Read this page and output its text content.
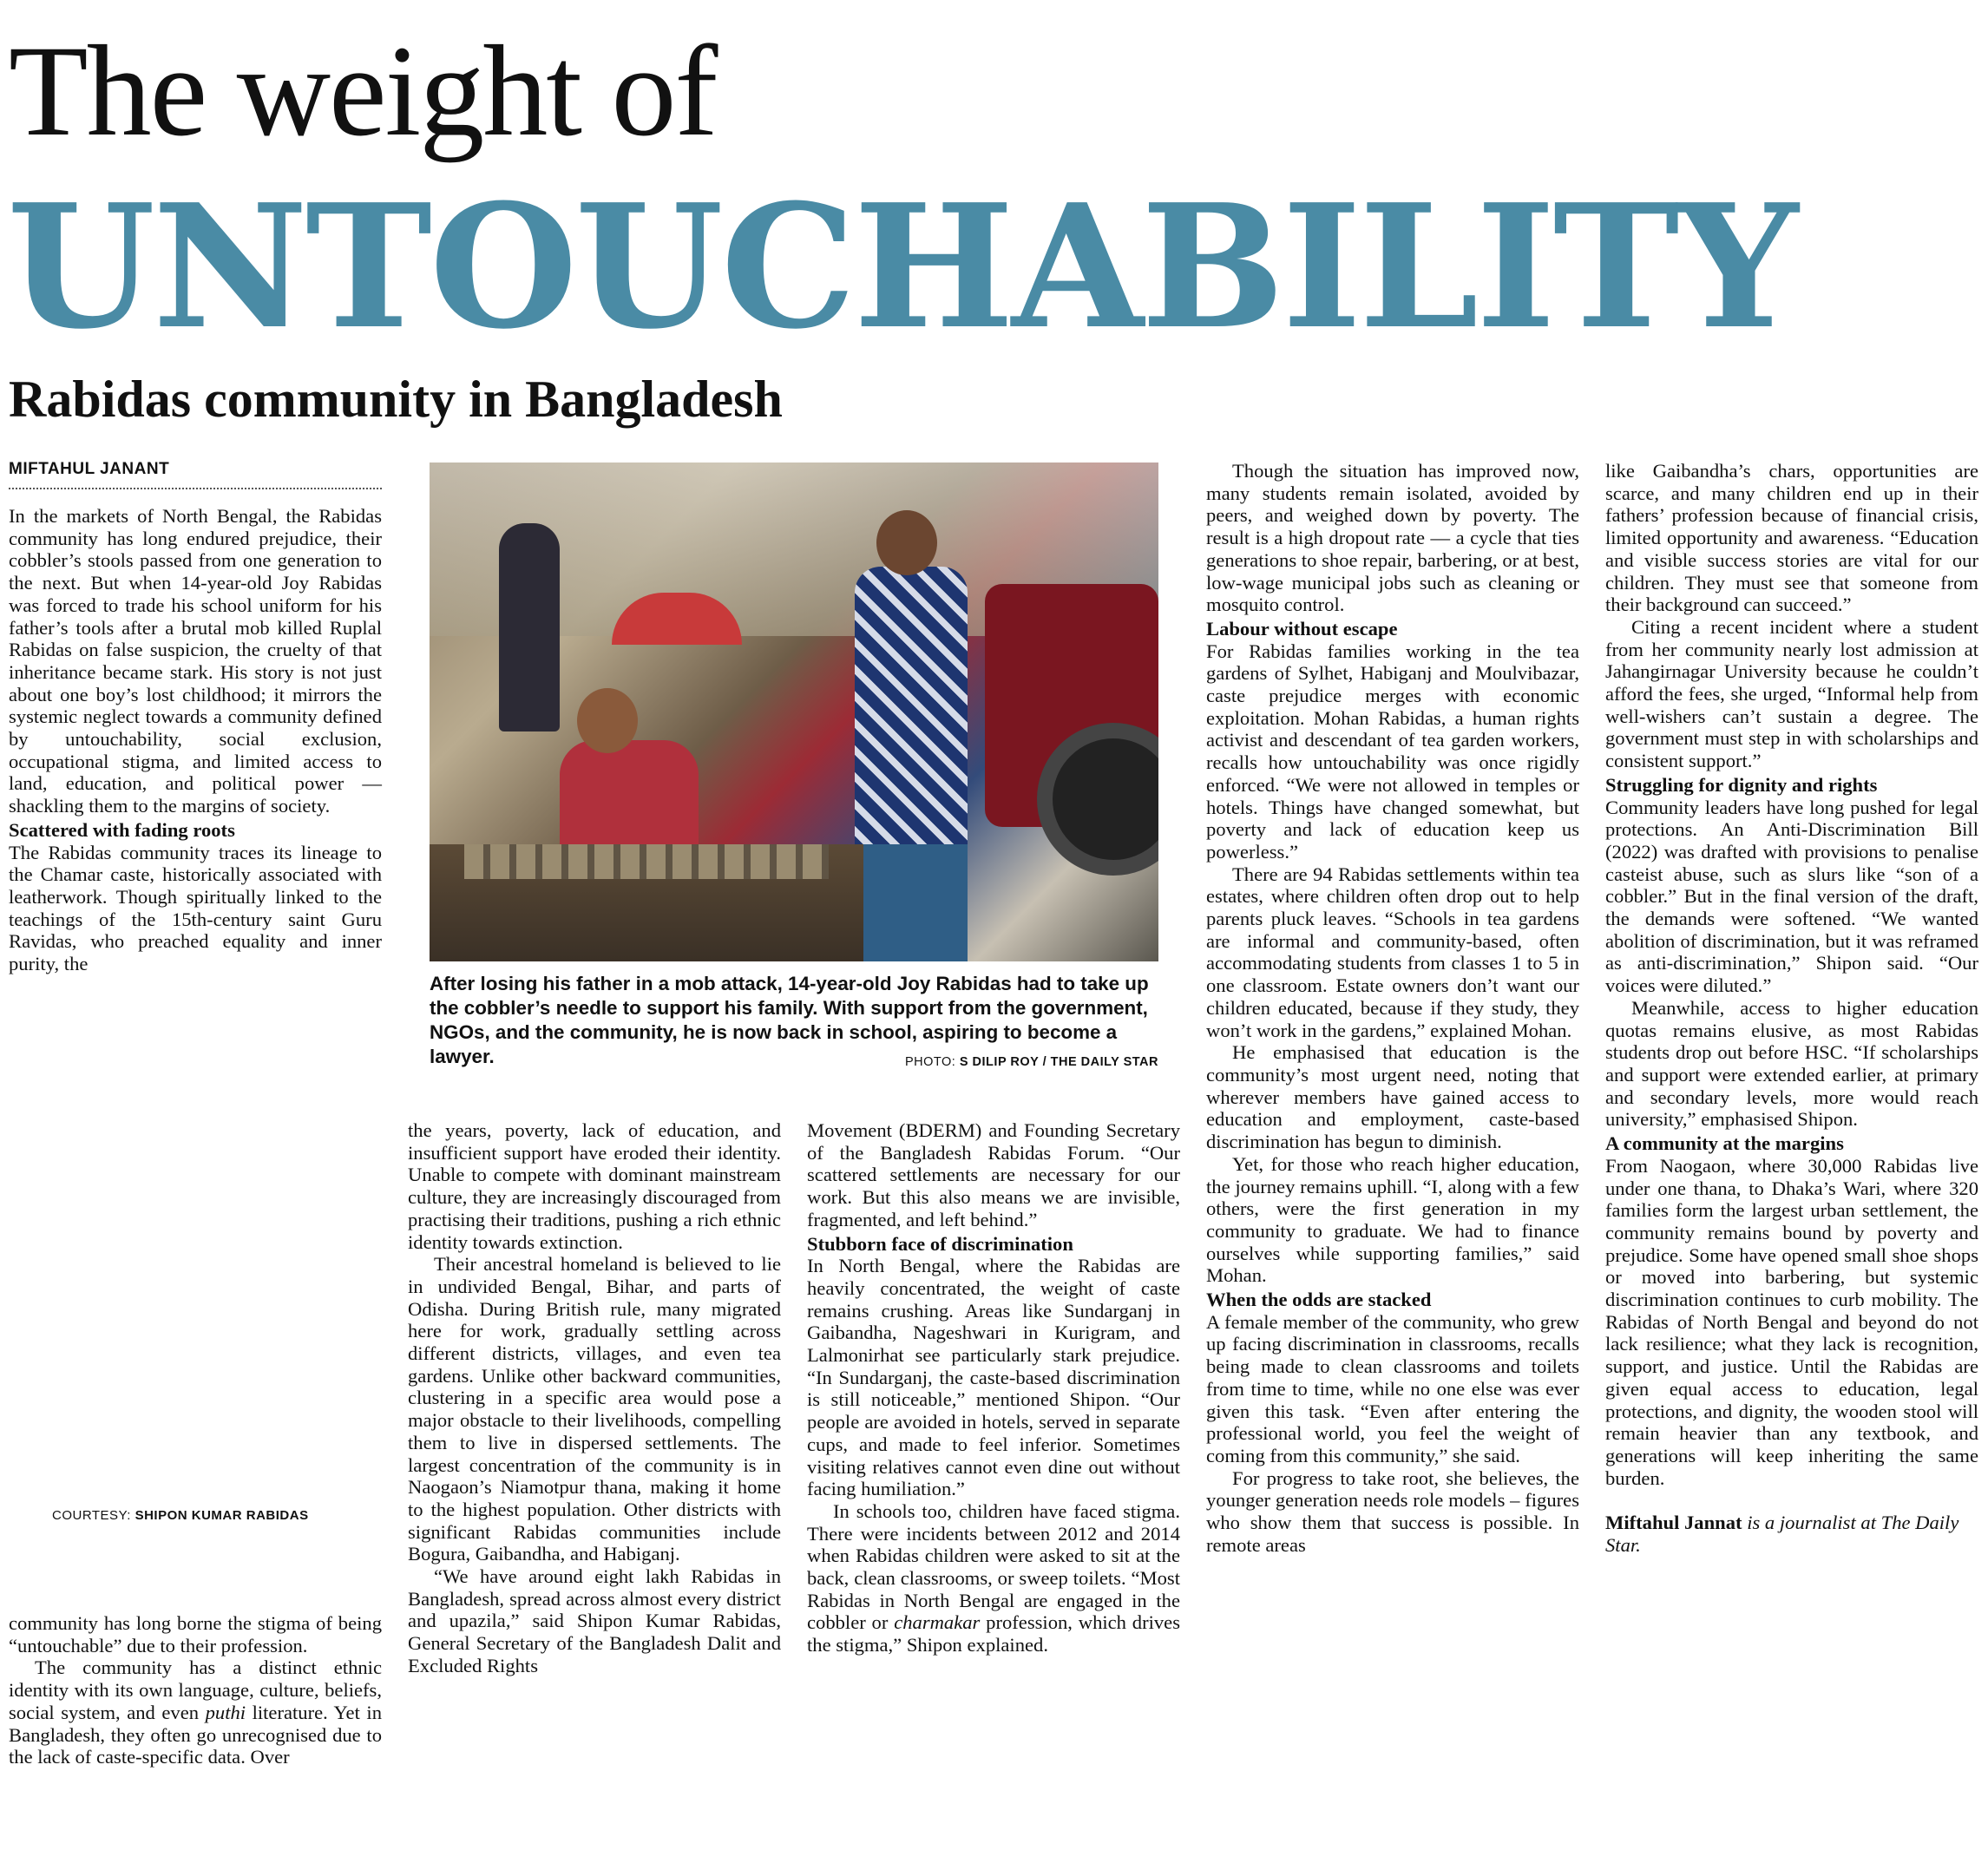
The weight of
UNTOUCHABILITY
Rabidas community in Bangladesh
MIFTAHUL JANANT

In the markets of North Bengal, the Rabidas community has long endured prejudice, their cobbler’s stools passed from one generation to the next. But when 14-year-old Joy Rabidas was forced to trade his school uniform for his father’s tools after a brutal mob killed Ruplal Rabidas on false suspicion, the cruelty of that inheritance became stark. His story is not just about one boy’s lost childhood; it mirrors the systemic neglect towards a community defined by untouchability, social exclusion, occupational stigma, and limited access to land, education, and political power — shackling them to the margins of society.

Scattered with fading roots

The Rabidas community traces its lineage to the Chamar caste, historically associated with leatherwork. Though spiritually linked to the teachings of the 15th-century saint Guru Ravidas, who preached equality and inner purity, the

COURTESY: SHIPON KUMAR RABIDAS

community has long borne the stigma of being “untouchable” due to their profession.

The community has a distinct ethnic identity with its own language, culture, beliefs, social system, and even puthi literature. Yet in Bangladesh, they often go unrecognised due to the lack of caste-specific data. Over

After losing his father in a mob attack, 14-year-old Joy Rabidas had to take up the cobbler’s needle to support his family. With support from the government, NGOs, and the community, he is now back in school, aspiring to become a lawyer.	PHOTO: S DILIP ROY / THE DAILY STAR

the years, poverty, lack of education, and insufficient support have eroded their identity. Unable to compete with dominant mainstream culture, they are increasingly discouraged from practising their traditions, pushing a rich ethnic identity towards extinction.

Their ancestral homeland is believed to lie in undivided Bengal, Bihar, and parts of Odisha. During British rule, many migrated here for work, gradually settling across different districts, villages, and even tea gardens. Unlike other backward communities, clustering in a specific area would pose a major obstacle to their livelihoods, compelling them to live in dispersed settlements. The largest concentration of the community is in Naogaon’s Niamotpur thana, making it home to the highest population. Other districts with significant Rabidas communities include Bogura, Gaibandha, and Habiganj.

“We have around eight lakh Rabidas in Bangladesh, spread across almost every district and upazila,” said Shipon Kumar Rabidas, General Secretary of the Bangladesh Dalit and Excluded Rights

Movement (BDERM) and Founding Secretary of the Bangladesh Rabidas Forum. “Our scattered settlements are necessary for our work. But this also means we are invisible, fragmented, and left behind.”

Stubborn face of discrimination

In North Bengal, where the Rabidas are heavily concentrated, the weight of caste remains crushing. Areas like Sundarganj in Gaibandha, Nageshwari in Kurigram, and Lalmonirhat see particularly stark prejudice. “In Sundarganj, the caste-based discrimination is still noticeable,” mentioned Shipon. “Our people are avoided in hotels, served in separate cups, and made to feel inferior. Sometimes visiting relatives cannot even dine out without facing humiliation.”

In schools too, children have faced stigma. There were incidents between 2012 and 2014 when Rabidas children were asked to sit at the back, clean classrooms, or sweep toilets. “Most Rabidas in North Bengal are engaged in the cobbler or charmakar profession, which drives the stigma,” Shipon explained.

Though the situation has improved now, many students remain isolated, avoided by peers, and weighed down by poverty. The result is a high dropout rate — a cycle that ties generations to shoe repair, barbering, or at best, low-wage municipal jobs such as cleaning or mosquito control.

Labour without escape

For Rabidas families working in the tea gardens of Sylhet, Habiganj and Moulvibazar, caste prejudice merges with economic exploitation. Mohan Rabidas, a human rights activist and descendant of tea garden workers, recalls how untouchability was once rigidly enforced. “We were not allowed in temples or hotels. Things have changed somewhat, but poverty and lack of education keep us powerless.”

There are 94 Rabidas settlements within tea estates, where children often drop out to help parents pluck leaves. “Schools in tea gardens are informal and community-based, often accommodating students from classes 1 to 5 in one classroom. Estate owners don’t want our children educated, because if they study, they won’t work in the gardens,” explained Mohan.

He emphasised that education is the community’s most urgent need, noting that wherever members have gained access to education and employment, caste-based discrimination has begun to diminish.

Yet, for those who reach higher education, the journey remains uphill. “I, along with a few others, were the first generation in my community to graduate. We had to finance ourselves while supporting families,” said Mohan.

When the odds are stacked

A female member of the community, who grew up facing discrimination in classrooms, recalls being made to clean classrooms and toilets from time to time, while no one else was ever given this task. “Even after entering the professional world, you feel the weight of coming from this community,” she said.

For progress to take root, she believes, the younger generation needs role models – figures who show them that success is possible. In remote areas

like Gaibandha’s chars, opportunities are scarce, and many children end up in their fathers’ profession because of financial crisis, limited opportunity and awareness. “Education and visible success stories are vital for our children. They must see that someone from their background can succeed.”

Citing a recent incident where a student from her community nearly lost admission at Jahangirnagar University because he couldn’t afford the fees, she urged, “Informal help from well-wishers can’t sustain a degree. The government must step in with scholarships and consistent support.”

Struggling for dignity and rights

Community leaders have long pushed for legal protections. An Anti-Discrimination Bill (2022) was drafted with provisions to penalise casteist abuse, such as slurs like “son of a cobbler.” But in the final version of the draft, the demands were softened. “We wanted abolition of discrimination, but it was reframed as anti-discrimination,” Shipon said. “Our voices were diluted.”

Meanwhile, access to higher education quotas remains elusive, as most Rabidas students drop out before HSC. “If scholarships and support were extended earlier, at primary and secondary levels, more would reach university,” emphasised Shipon.

A community at the margins

From Naogaon, where 30,000 Rabidas live under one thana, to Dhaka’s Wari, where 320 families form the largest urban settlement, the community remains bound by poverty and prejudice. Some have opened small shoe shops or moved into barbering, but systemic discrimination continues to curb mobility. The Rabidas of North Bengal and beyond do not lack resilience; what they lack is recognition, support, and justice. Until the Rabidas are given equal access to education, legal protections, and dignity, the wooden stool will remain heavier than any textbook, and generations will keep inheriting the same burden.

Miftahul Jannat is a journalist at The Daily Star.
